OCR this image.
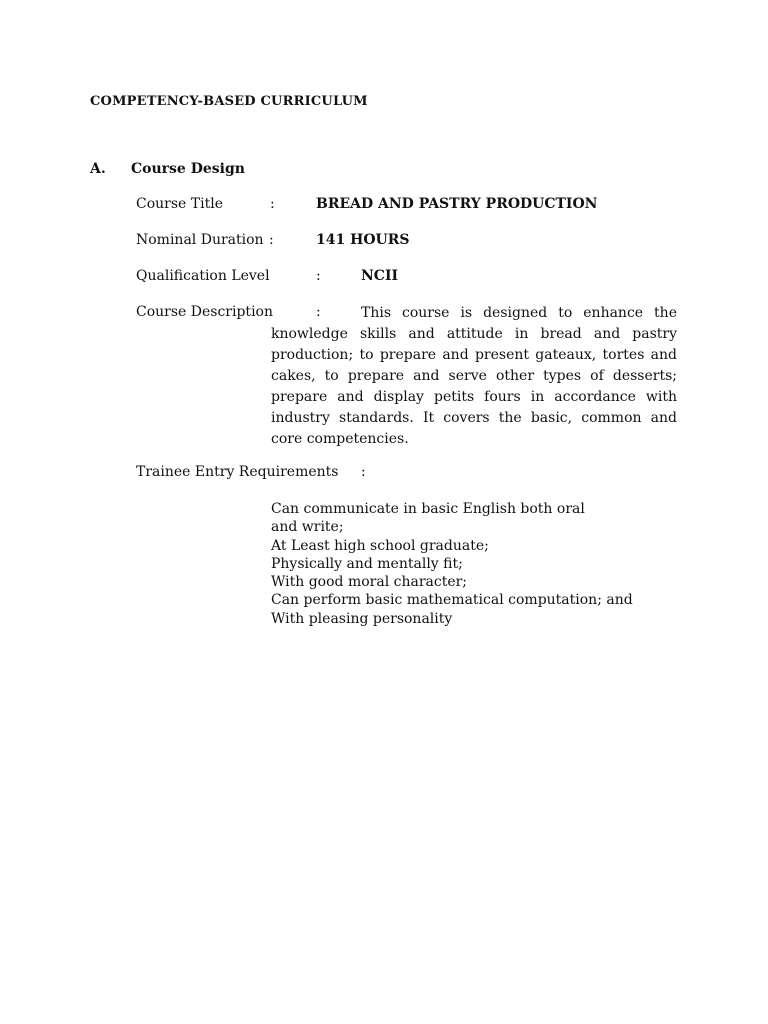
COMPETENCY-BASED CURRICULUM
A. Course Design
Course Title	:	BREAD AND PASTRY PRODUCTION
Nominal Duration :	141 HOURS
Qualification Level	:	NCII
Course Description	:	This course is designed to enhance the
knowledge skills and attitude in bread and pastry
production; to prepare and present gateaux, tortes and
cakes, to prepare and serve other types of desserts;
prepare and display petits fours in accordance with
industry standards. It covers the basic, common and
core competencies.
Trainee Entry Requirements :
Can communicate in basic English both oral
and write;
At Least high school graduate;
Physically and mentally fit;
With good moral character;
Can perform basic mathematical computation; and
With pleasing personality
